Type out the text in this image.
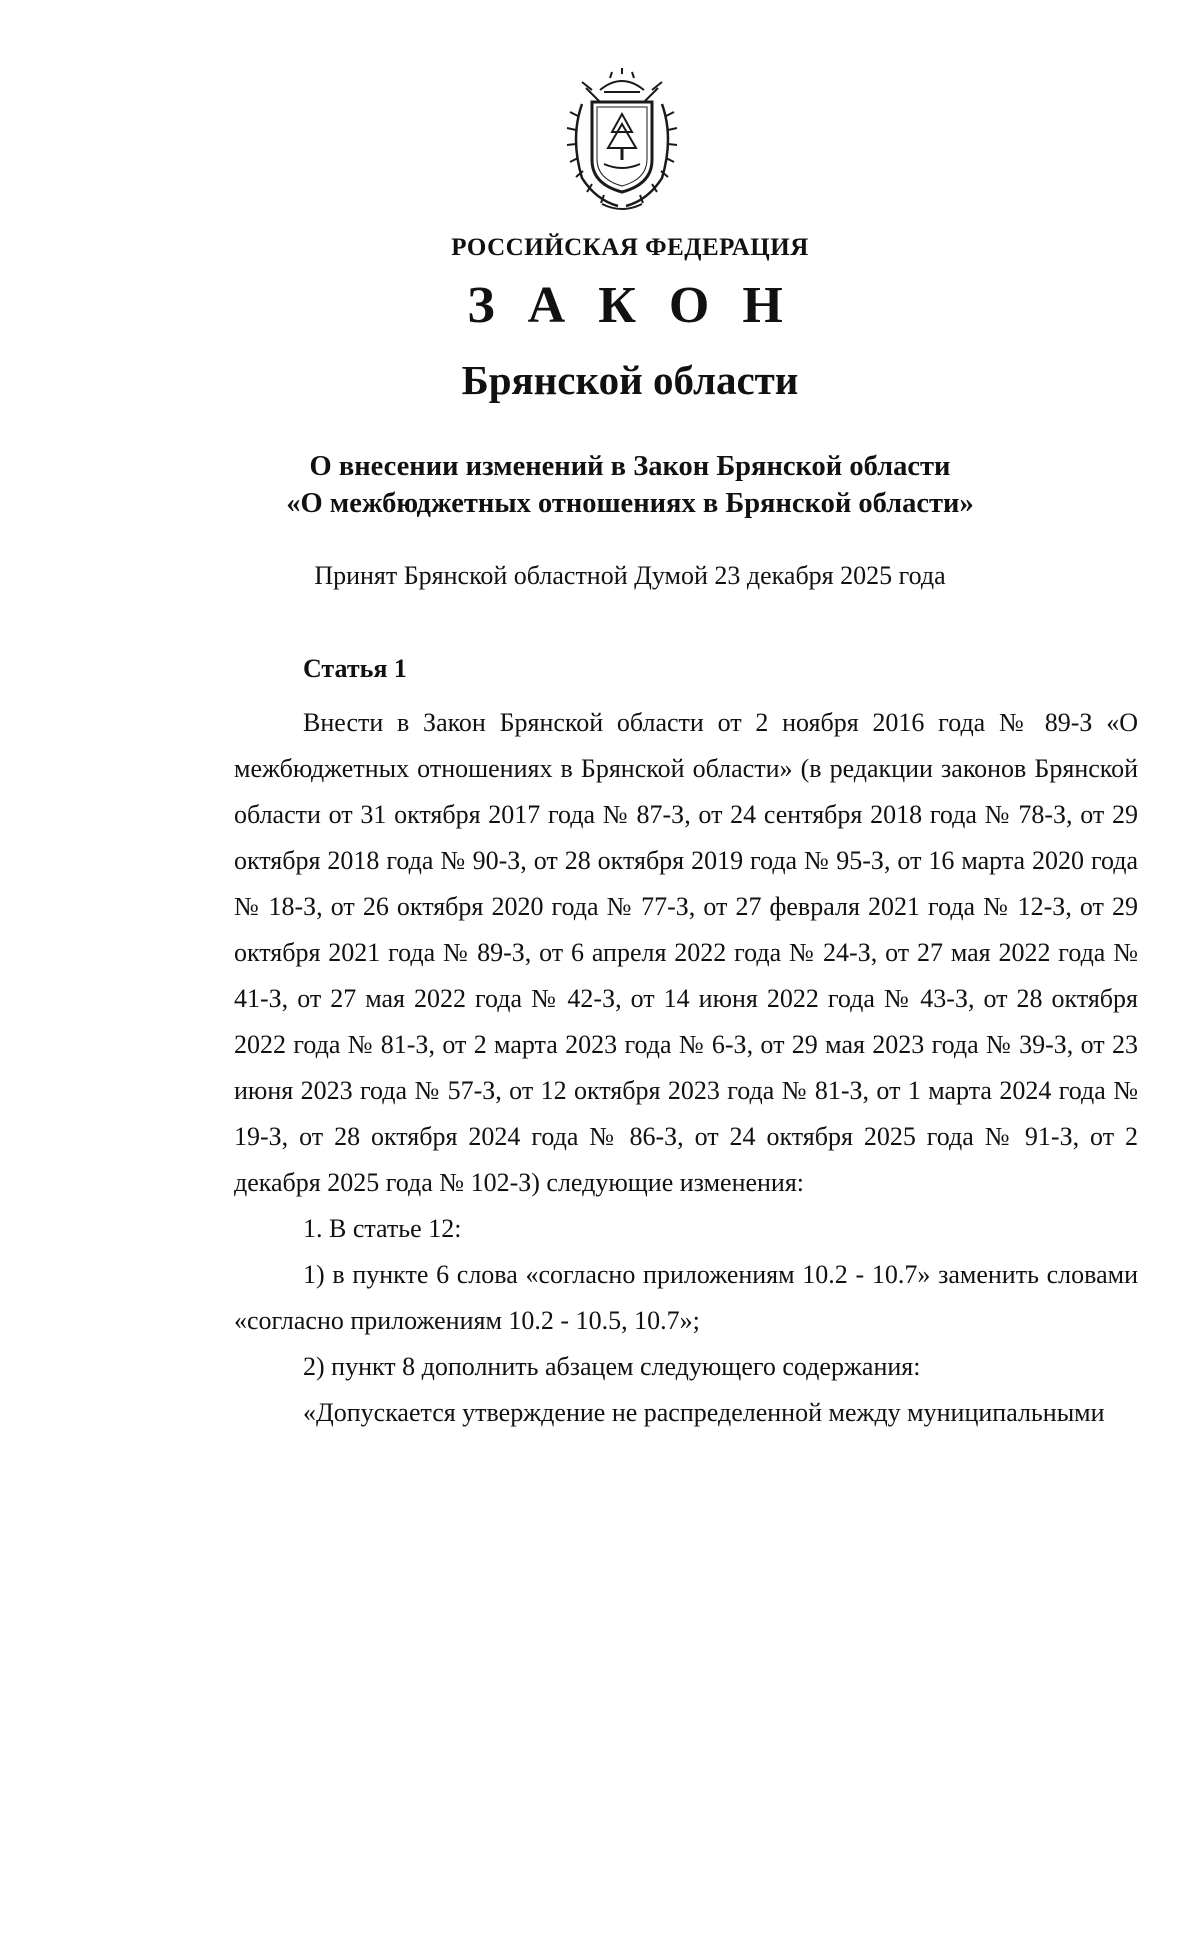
РОССИЙСКАЯ ФЕДЕРАЦИЯ
З А К О Н
Брянской области
О внесении изменений в Закон Брянской области
«О межбюджетных отношениях в Брянской области»
Принят Брянской областной Думой 23 декабря 2025 года
Статья 1

Внести в Закон Брянской области от 2 ноября 2016 года № 89-З «О межбюджетных отношениях в Брянской области» (в редакции законов Брянской области от 31 октября 2017 года № 87-З, от 24 сентября 2018 года № 78-З, от 29 октября 2018 года № 90-З, от 28 октября 2019 года № 95-З, от 16 марта 2020 года № 18-З, от 26 октября 2020 года № 77-З, от 27 февраля 2021 года № 12-З, от 29 октября 2021 года № 89-З, от 6 апреля 2022 года № 24-З, от 27 мая 2022 года № 41-З, от 27 мая 2022 года № 42-З, от 14 июня 2022 года № 43-З, от 28 октября 2022 года № 81-З, от 2 марта 2023 года № 6-З, от 29 мая 2023 года № 39-З, от 23 июня 2023 года № 57-З, от 12 октября 2023 года № 81-З, от 1 марта 2024 года № 19-З, от 28 октября 2024 года № 86-З, от 24 октября 2025 года № 91-З, от 2 декабря 2025 года № 102-З) следующие изменения:

1. В статье 12:

1) в пункте 6 слова «согласно приложениям 10.2 - 10.7» заменить словами «согласно приложениям 10.2 - 10.5, 10.7»;

2) пункт 8 дополнить абзацем следующего содержания:

«Допускается утверждение не распределенной между муниципальными
